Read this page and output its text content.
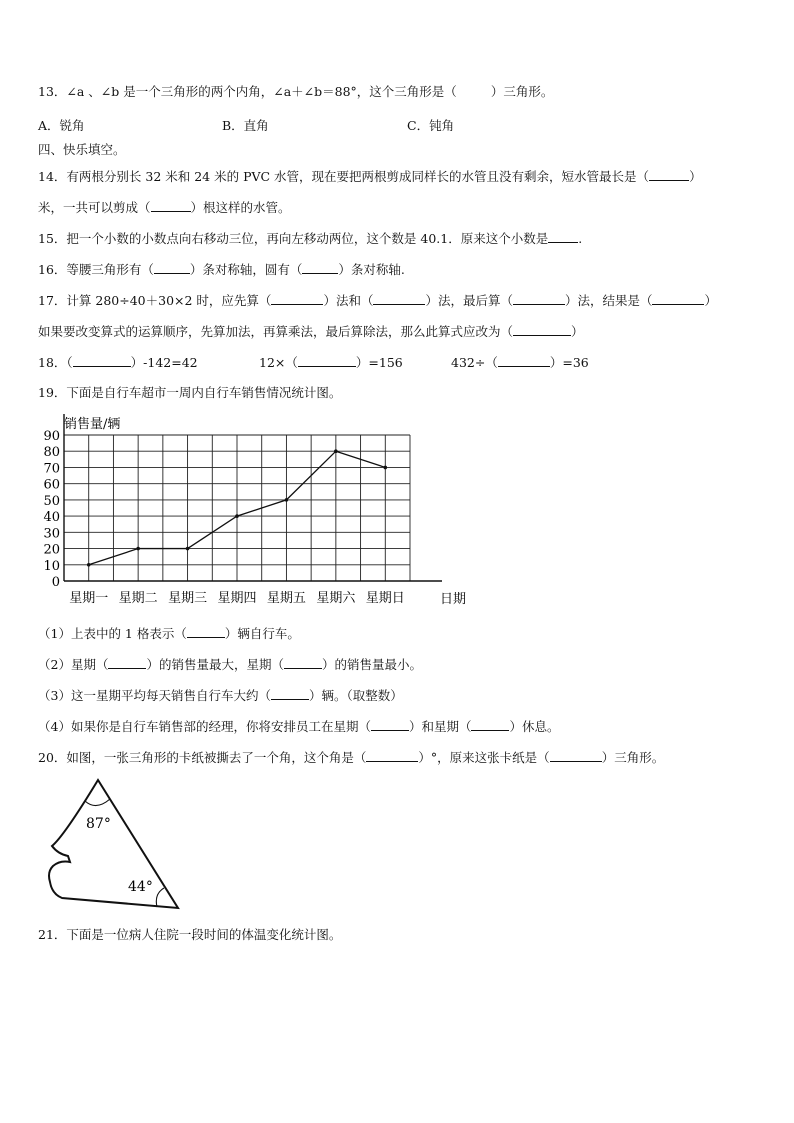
13．∠a 、∠b 是一个三角形的两个内角，∠a＋∠b＝88°，这个三角形是（	）三角形。
A．锐角	B．直角	C．钝角
四、快乐填空。
14．有两根分别长 32 米和 24 米的 PVC 水管，现在要把两根剪成同样长的水管且没有剩余，短水管最长是（	）
米，一共可以剪成（	）根这样的水管。
15．把一个小数的小数点向右移动三位，再向左移动两位，这个数是 40.1．原来这个小数是 .
16．等腰三角形有（	）条对称轴，圆有（	）条对称轴.
17．计算 280÷40＋30×2 时，应先算（	）法和（	）法，最后算（	）法，结果是（	）
如果要改变算式的运算顺序，先算加法，再算乘法，最后算除法，那么此算式应改为（	）
18．（	）-142=42	12×（	）=156	432÷（	）=36
19．下面是自行车超市一周内自行车销售情况统计图。
0
10
20
30
40
50
60
70
80
90
星期一 星期二 星期三 星期四 星期五 星期六 星期日
销售量/辆
日期
（1）上表中的 1 格表示（	）辆自行车。
（2）星期（	）的销售量最大，星期（	）的销售量最小。
（3）这一星期平均每天销售自行车大约（	）辆。（取整数）
（4）如果你是自行车销售部的经理，你将安排员工在星期（	）和星期（	）休息。
20．如图，一张三角形的卡纸被撕去了一个角，这个角是（	）°，原来这张卡纸是（	）三角形。
87°
44°
21．下面是一位病人住院一段时间的体温变化统计图。
